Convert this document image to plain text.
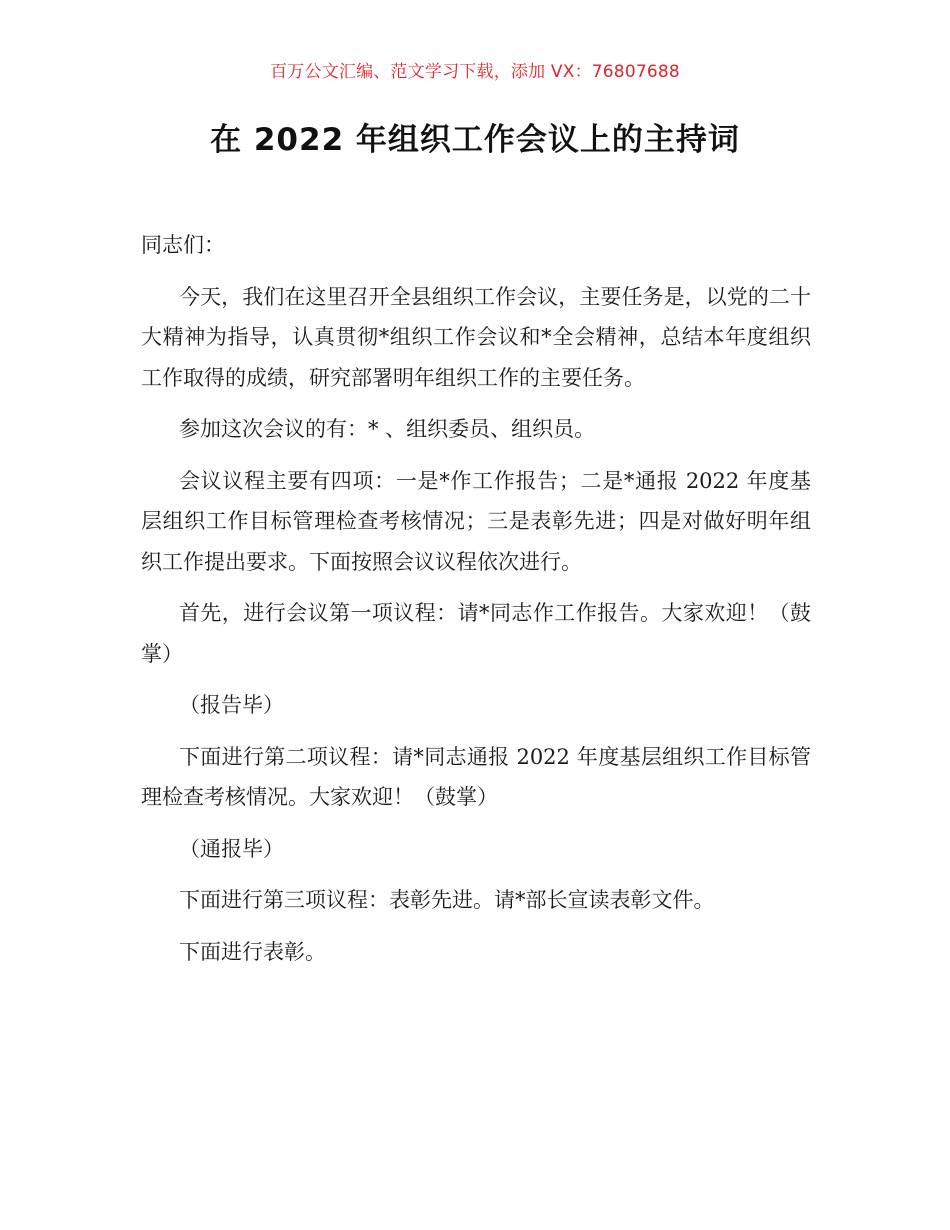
百万公文汇编、范文学习下载，添加 VX：76807688
在 2022 年组织工作会议上的主持词

同志们：

今天，我们在这里召开全县组织工作会议，主要任务是，以党的二十大精神为指导，认真贯彻*组织工作会议和*全会精神，总结本年度组织工作取得的成绩，研究部署明年组织工作的主要任务。

参加这次会议的有：* 、组织委员、组织员。

会议议程主要有四项：一是*作工作报告；二是*通报 2022 年度基层组织工作目标管理检查考核情况；三是表彰先进；四是对做好明年组织工作提出要求。下面按照会议议程依次进行。

首先，进行会议第一项议程：请*同志作工作报告。大家欢迎！（鼓掌）

（报告毕）

下面进行第二项议程：请*同志通报 2022 年度基层组织工作目标管理检查考核情况。大家欢迎！（鼓掌）

（通报毕）

下面进行第三项议程：表彰先进。请*部长宣读表彰文件。

下面进行表彰。
